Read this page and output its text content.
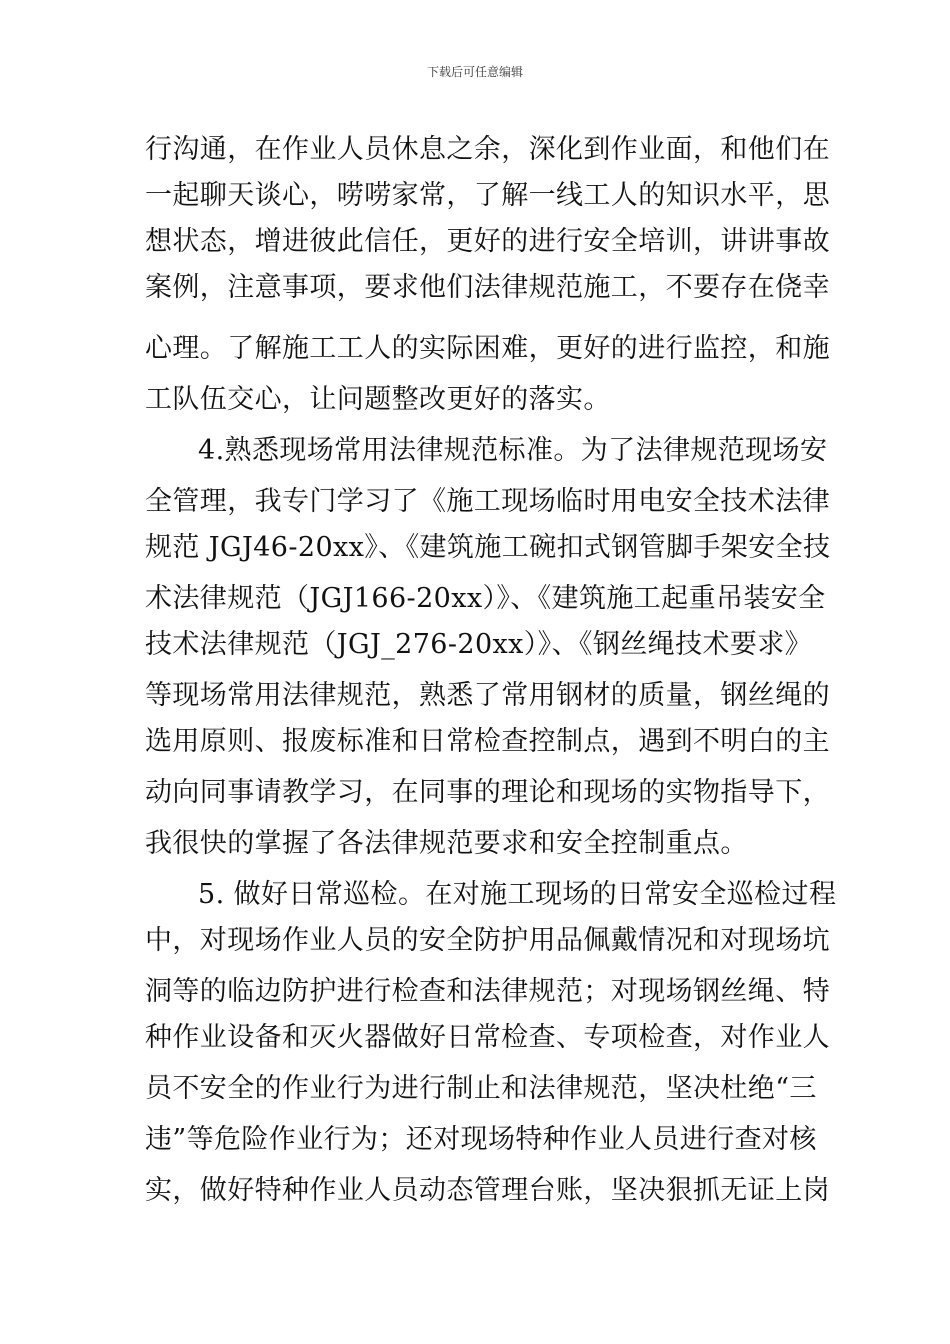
下载后可任意编辑
行沟通，在作业人员休息之余，深化到作业面，和他们在
一起聊天谈心，唠唠家常，了解一线工人的知识水平，思
想状态，增进彼此信任，更好的进行安全培训，讲讲事故
案例，注意事项，要求他们法律规范施工，不要存在侥幸
心理。了解施工工人的实际困难，更好的进行监控，和施
工队伍交心，让问题整改更好的落实。
4.熟悉现场常用法律规范标准。为了法律规范现场安
全管理，我专门学习了《施工现场临时用电安全技术法律
规范 JGJ46-20xx》、《建筑施工碗扣式钢管脚手架安全技
术法律规范（JGJ166-20xx）》、《建筑施工起重吊装安全
技术法律规范（JGJ_276-20xx）》、《钢丝绳技术要求》
等现场常用法律规范，熟悉了常用钢材的质量，钢丝绳的
选用原则、报废标准和日常检查控制点，遇到不明白的主
动向同事请教学习，在同事的理论和现场的实物指导下，
我很快的掌握了各法律规范要求和安全控制重点。
5. 做好日常巡检。在对施工现场的日常安全巡检过程
中，对现场作业人员的安全防护用品佩戴情况和对现场坑
洞等的临边防护进行检查和法律规范；对现场钢丝绳、特
种作业设备和灭火器做好日常检查、专项检查，对作业人
员不安全的作业行为进行制止和法律规范，坚决杜绝“三
违”等危险作业行为；还对现场特种作业人员进行查对核
实，做好特种作业人员动态管理台账，坚决狠抓无证上岗
